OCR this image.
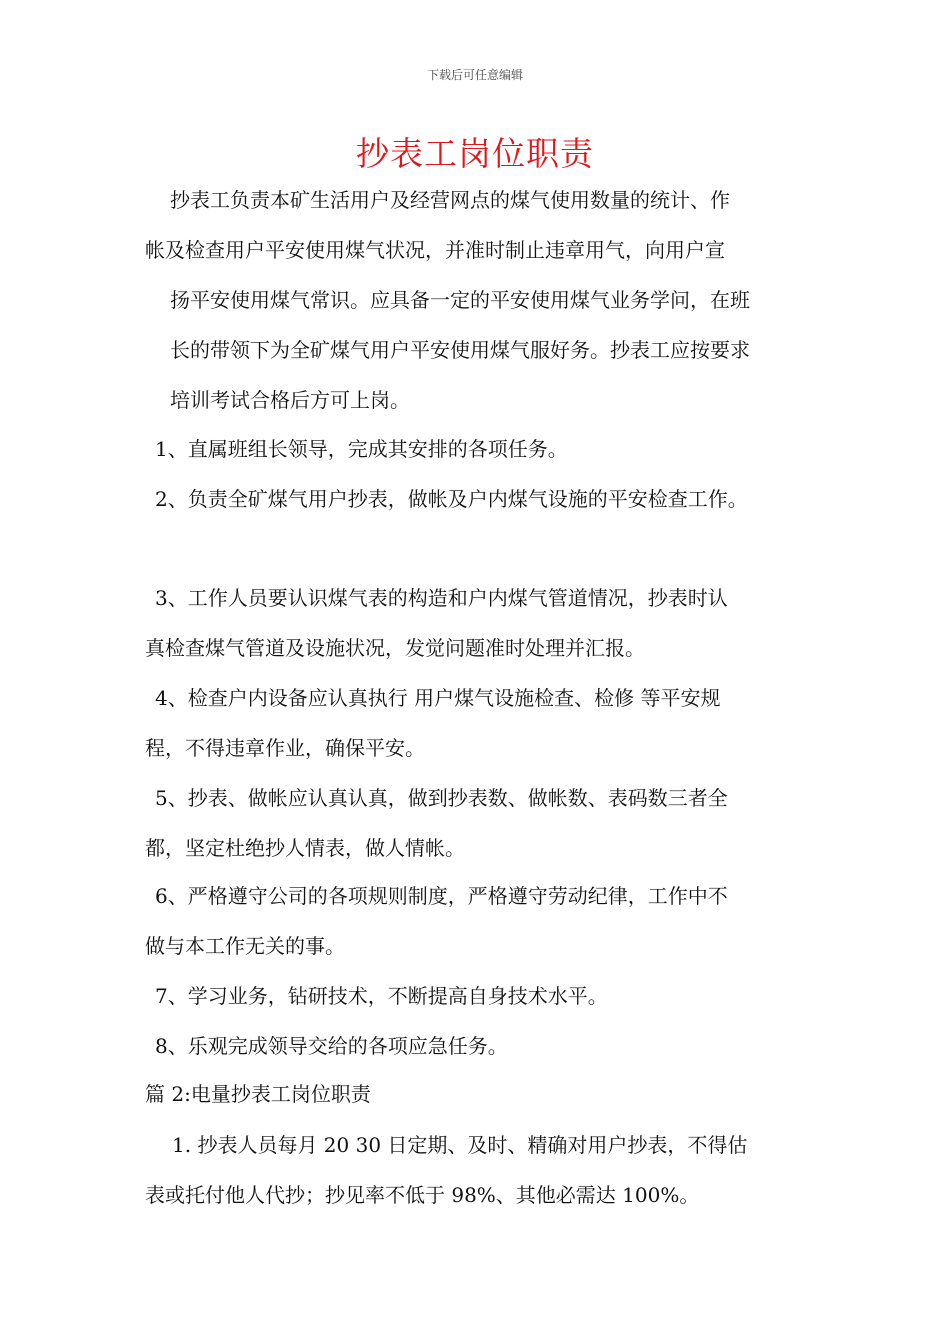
下载后可任意编辑
抄表工岗位职责

抄表工负责本矿生活用户及经营网点的煤气使用数量的统计、作
帐及检查用户平安使用煤气状况，并准时制止违章用气，向用户宣
扬平安使用煤气常识。应具备一定的平安使用煤气业务学问，在班
长的带领下为全矿煤气用户平安使用煤气服好务。抄表工应按要求
培训考试合格后方可上岗。

1、直属班组长领导，完成其安排的各项任务。

2、负责全矿煤气用户抄表，做帐及户内煤气设施的平安检查工作。

3、工作人员要认识煤气表的构造和户内煤气管道情况，抄表时认
真检查煤气管道及设施状况，发觉问题准时处理并汇报。

4、检查户内设备应认真执行 用户煤气设施检查、检修 等平安规
程，不得违章作业，确保平安。

5、抄表、做帐应认真认真，做到抄表数、做帐数、表码数三者全
都，坚定杜绝抄人情表，做人情帐。

6、严格遵守公司的各项规则制度，严格遵守劳动纪律，工作中不
做与本工作无关的事。

7、学习业务，钻研技术，不断提高自身技术水平。

8、乐观完成领导交给的各项应急任务。

篇 2:电量抄表工岗位职责

1. 抄表人员每月 20 30 日定期、及时、精确对用户抄表，不得估
表或托付他人代抄；抄见率不低于 98%、其他必需达 100%。
